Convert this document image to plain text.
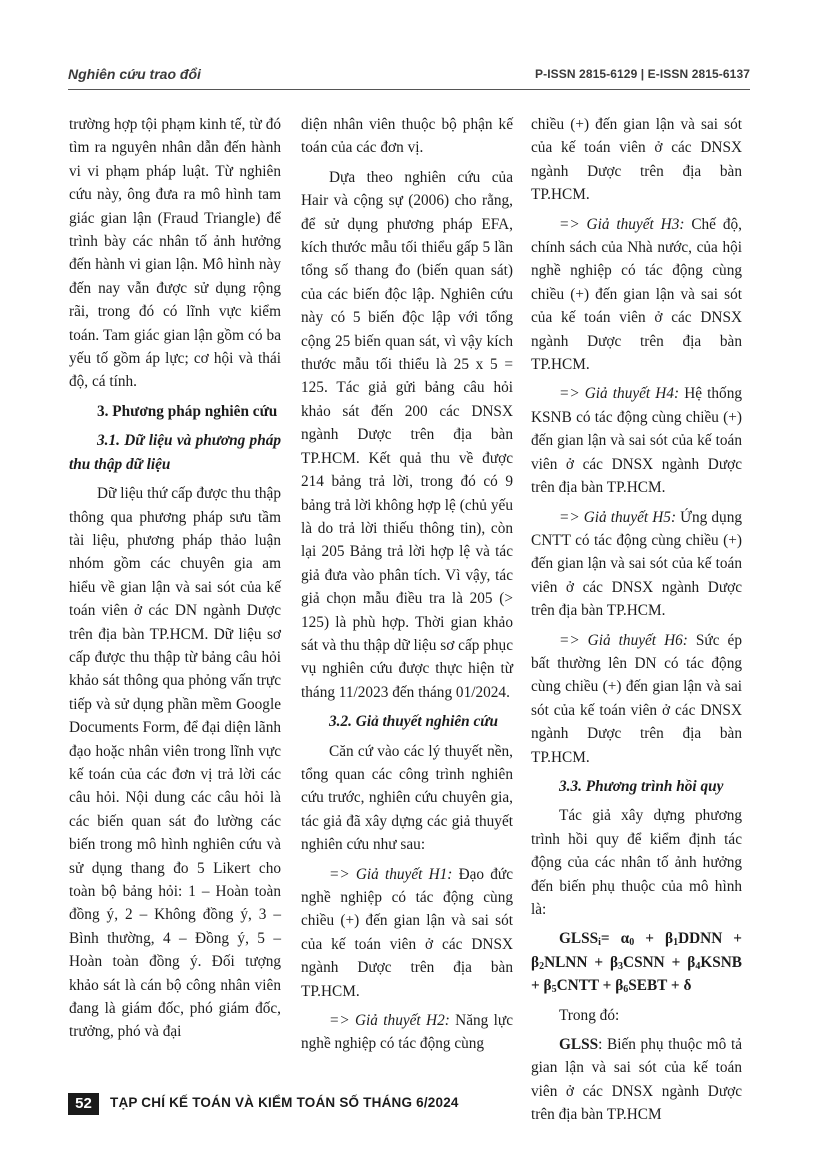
Nghiên cứu trao đổi	P-ISSN 2815-6129 | E-ISSN 2815-6137

trường hợp tội phạm kinh tế, từ đó tìm ra nguyên nhân dẫn đến hành vi vi phạm pháp luật. Từ nghiên cứu này, ông đưa ra mô hình tam giác gian lận (Fraud Triangle) để trình bày các nhân tố ảnh hưởng đến hành vi gian lận. Mô hình này đến nay vẫn được sử dụng rộng rãi, trong đó có lĩnh vực kiểm toán. Tam giác gian lận gồm có ba yếu tố gồm áp lực; cơ hội và thái độ, cá tính.

3. Phương pháp nghiên cứu

3.1. Dữ liệu và phương pháp thu thập dữ liệu

Dữ liệu thứ cấp được thu thập thông qua phương pháp sưu tầm tài liệu, phương pháp thảo luận nhóm gồm các chuyên gia am hiểu về gian lận và sai sót của kế toán viên ở các DN ngành Dược trên địa bàn TP.HCM. Dữ liệu sơ cấp được thu thập từ bảng câu hỏi khảo sát thông qua phỏng vấn trực tiếp và sử dụng phần mềm Google Documents Form, để đại diện lãnh đạo hoặc nhân viên trong lĩnh vực kế toán của các đơn vị trả lời các câu hỏi. Nội dung các câu hỏi là các biến quan sát đo lường các biến trong mô hình nghiên cứu và sử dụng thang đo 5 Likert cho toàn bộ bảng hỏi: 1 – Hoàn toàn đồng ý, 2 – Không đồng ý, 3 – Bình thường, 4 – Đồng ý, 5 – Hoàn toàn đồng ý. Đối tượng khảo sát là cán bộ công nhân viên đang là giám đốc, phó giám đốc, trưởng, phó và đại

diện nhân viên thuộc bộ phận kế toán của các đơn vị.

Dựa theo nghiên cứu của Hair và cộng sự (2006) cho rằng, để sử dụng phương pháp EFA, kích thước mẫu tối thiểu gấp 5 lần tổng số thang đo (biến quan sát) của các biến độc lập. Nghiên cứu này có 5 biến độc lập với tổng cộng 25 biến quan sát, vì vậy kích thước mẫu tối thiểu là 25 x 5 = 125. Tác giả gửi bảng câu hỏi khảo sát đến 200 các DNSX ngành Dược trên địa bàn TP.HCM. Kết quả thu về được 214 bảng trả lời, trong đó có 9 bảng trả lời không hợp lệ (chủ yếu là do trả lời thiếu thông tin), còn lại 205 Bảng trả lời hợp lệ và tác giả đưa vào phân tích. Vì vậy, tác giả chọn mẫu điều tra là 205 (> 125) là phù hợp. Thời gian khảo sát và thu thập dữ liệu sơ cấp phục vụ nghiên cứu được thực hiện từ tháng 11/2023 đến tháng 01/2024.

3.2. Giả thuyết nghiên cứu

Căn cứ vào các lý thuyết nền, tổng quan các công trình nghiên cứu trước, nghiên cứu chuyên gia, tác giả đã xây dựng các giả thuyết nghiên cứu như sau:

=> Giả thuyết H1: Đạo đức nghề nghiệp có tác động cùng chiều (+) đến gian lận và sai sót của kế toán viên ở các DNSX ngành Dược trên địa bàn TP.HCM.

=> Giả thuyết H2: Năng lực nghề nghiệp có tác động cùng

chiều (+) đến gian lận và sai sót của kế toán viên ở các DNSX ngành Dược trên địa bàn TP.HCM.

=> Giả thuyết H3: Chế độ, chính sách của Nhà nước, của hội nghề nghiệp có tác động cùng chiều (+) đến gian lận và sai sót của kế toán viên ở các DNSX ngành Dược trên địa bàn TP.HCM.

=> Giả thuyết H4: Hệ thống KSNB có tác động cùng chiều (+) đến gian lận và sai sót của kế toán viên ở các DNSX ngành Dược trên địa bàn TP.HCM.

=> Giả thuyết H5: Ứng dụng CNTT có tác động cùng chiều (+) đến gian lận và sai sót của kế toán viên ở các DNSX ngành Dược trên địa bàn TP.HCM.

=> Giả thuyết H6: Sức ép bất thường lên DN có tác động cùng chiều (+) đến gian lận và sai sót của kế toán viên ở các DNSX ngành Dược trên địa bàn TP.HCM.

3.3. Phương trình hồi quy

Tác giả xây dựng phương trình hồi quy để kiểm định tác động của các nhân tố ảnh hưởng đến biến phụ thuộc của mô hình là:

$GLSS_i= \alpha_0$ + $\beta_1DDNN$ + $\beta_2NLNN$ + $\beta_3CSNN$ + $\beta_4KSNB$ + $\beta_5CNTT$ + $\beta_6SEBT + \delta$

Trong đó:

GLSS: Biến phụ thuộc mô tả gian lận và sai sót của kế toán viên ở các DNSX ngành Dược trên địa bàn TP.HCM

52	TẠP CHÍ KẾ TOÁN VÀ KIỂM TOÁN SỐ THÁNG 6/2024
